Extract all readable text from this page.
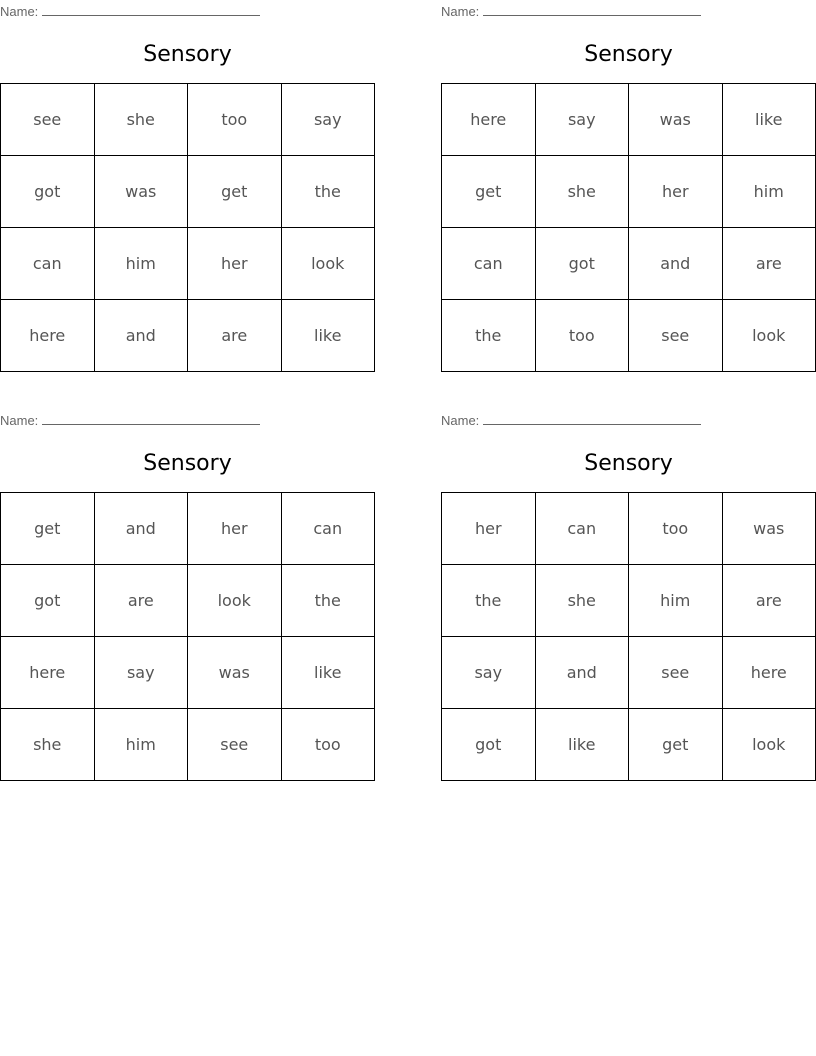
Name:
Sensory
see	she	too	say
got	was	get	the
can	him	her	look
here	and	are	like
Name:
Sensory
here	say	was	like
get	she	her	him
can	got	and	are
the	too	see	look
Name:
Sensory
get	and	her	can
got	are	look	the
here	say	was	like
she	him	see	too
Name:
Sensory
her	can	too	was
the	she	him	are
say	and	see	here
got	like	get	look
